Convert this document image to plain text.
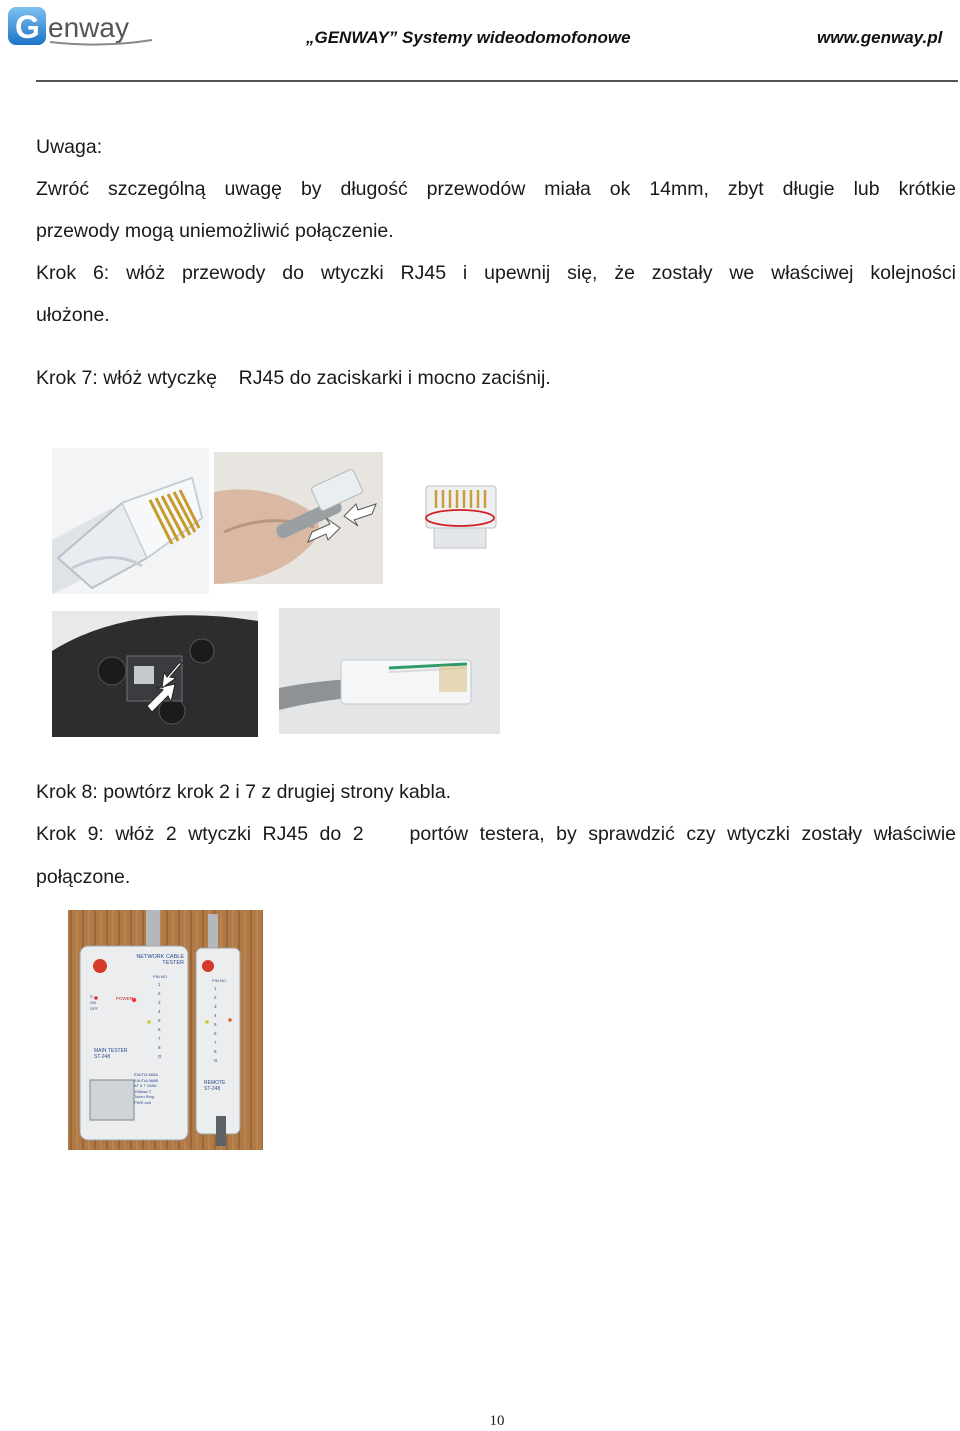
G enway	„GENWAY” Systemy wideodomofonowe	www.genway.pl
Uwaga:
Zwróć szczególną uwagę by długość przewodów miała ok 14mm, zbyt długie lub krótkie
przewody mogą uniemożliwić połączenie.
Krok 6: włóż przewody do wtyczki RJ45 i upewnij się, że zostały we właściwej kolejności
ułożone.
Krok 7: włóż wtyczkę    RJ45 do zaciskarki i mocno zaciśnij.
Krok 8: powtórz krok 2 i 7 z drugiej strony kabla.
Krok 9: włóż 2 wtyczki RJ45 do 2    portów testera, by sprawdzić czy wtyczki zostały właściwie
połączone.
NETWORK CABLE TESTER
PIN NO.
POWER
1
2
3
4
5
6
7
8
G
S
ON
OFF
MAIN TESTER
ST-248
EIA/TIA 568A
EIA/TIA 568B
AT & T 258A
10Base-T
Token Ring
PWR unit
PIN NO.
1
2
3
4
5
6
7
8
G
REMOTE
ST-248
10
